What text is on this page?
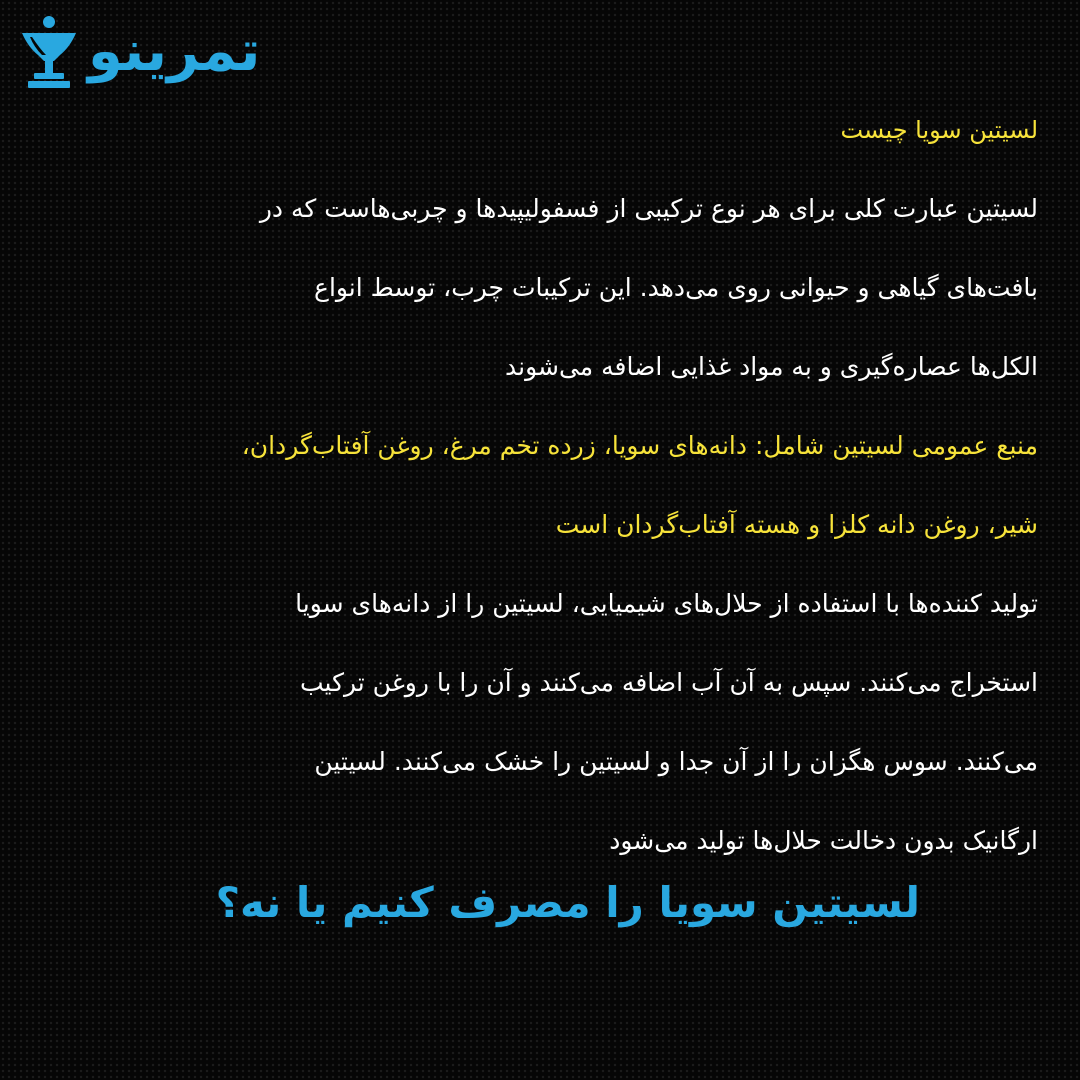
تمرینو
لسیتین سویا چیست
لسیتین عبارت کلی برای هر نوع ترکیبی از فسفولیپیدها و چربی‌هاست که در
بافت‌های گیاهی و حیوانی روی می‌دهد. این ترکیبات چرب، توسط انواع
الکل‌ها عصاره‌گیری و به مواد غذایی اضافه می‌شوند
منبع عمومی لسیتین شامل: دانه‌های سویا، زرده تخم مرغ، روغن آفتاب‌گردان،
شیر، روغن دانه کلزا و هسته آفتاب‌گردان است
تولید کننده‌ها با استفاده از حلال‌های شیمیایی، لسیتین را از دانه‌های سویا
استخراج می‌کنند. سپس به آن آب اضافه می‌کنند و آن را با روغن ترکیب
می‌کنند. سوس هگزان را از آن جدا و لسیتین را خشک می‌کنند. لسیتین
ارگانیک بدون دخالت حلال‌ها تولید می‌شود
لسیتین سویا را مصرف کنیم یا نه؟
